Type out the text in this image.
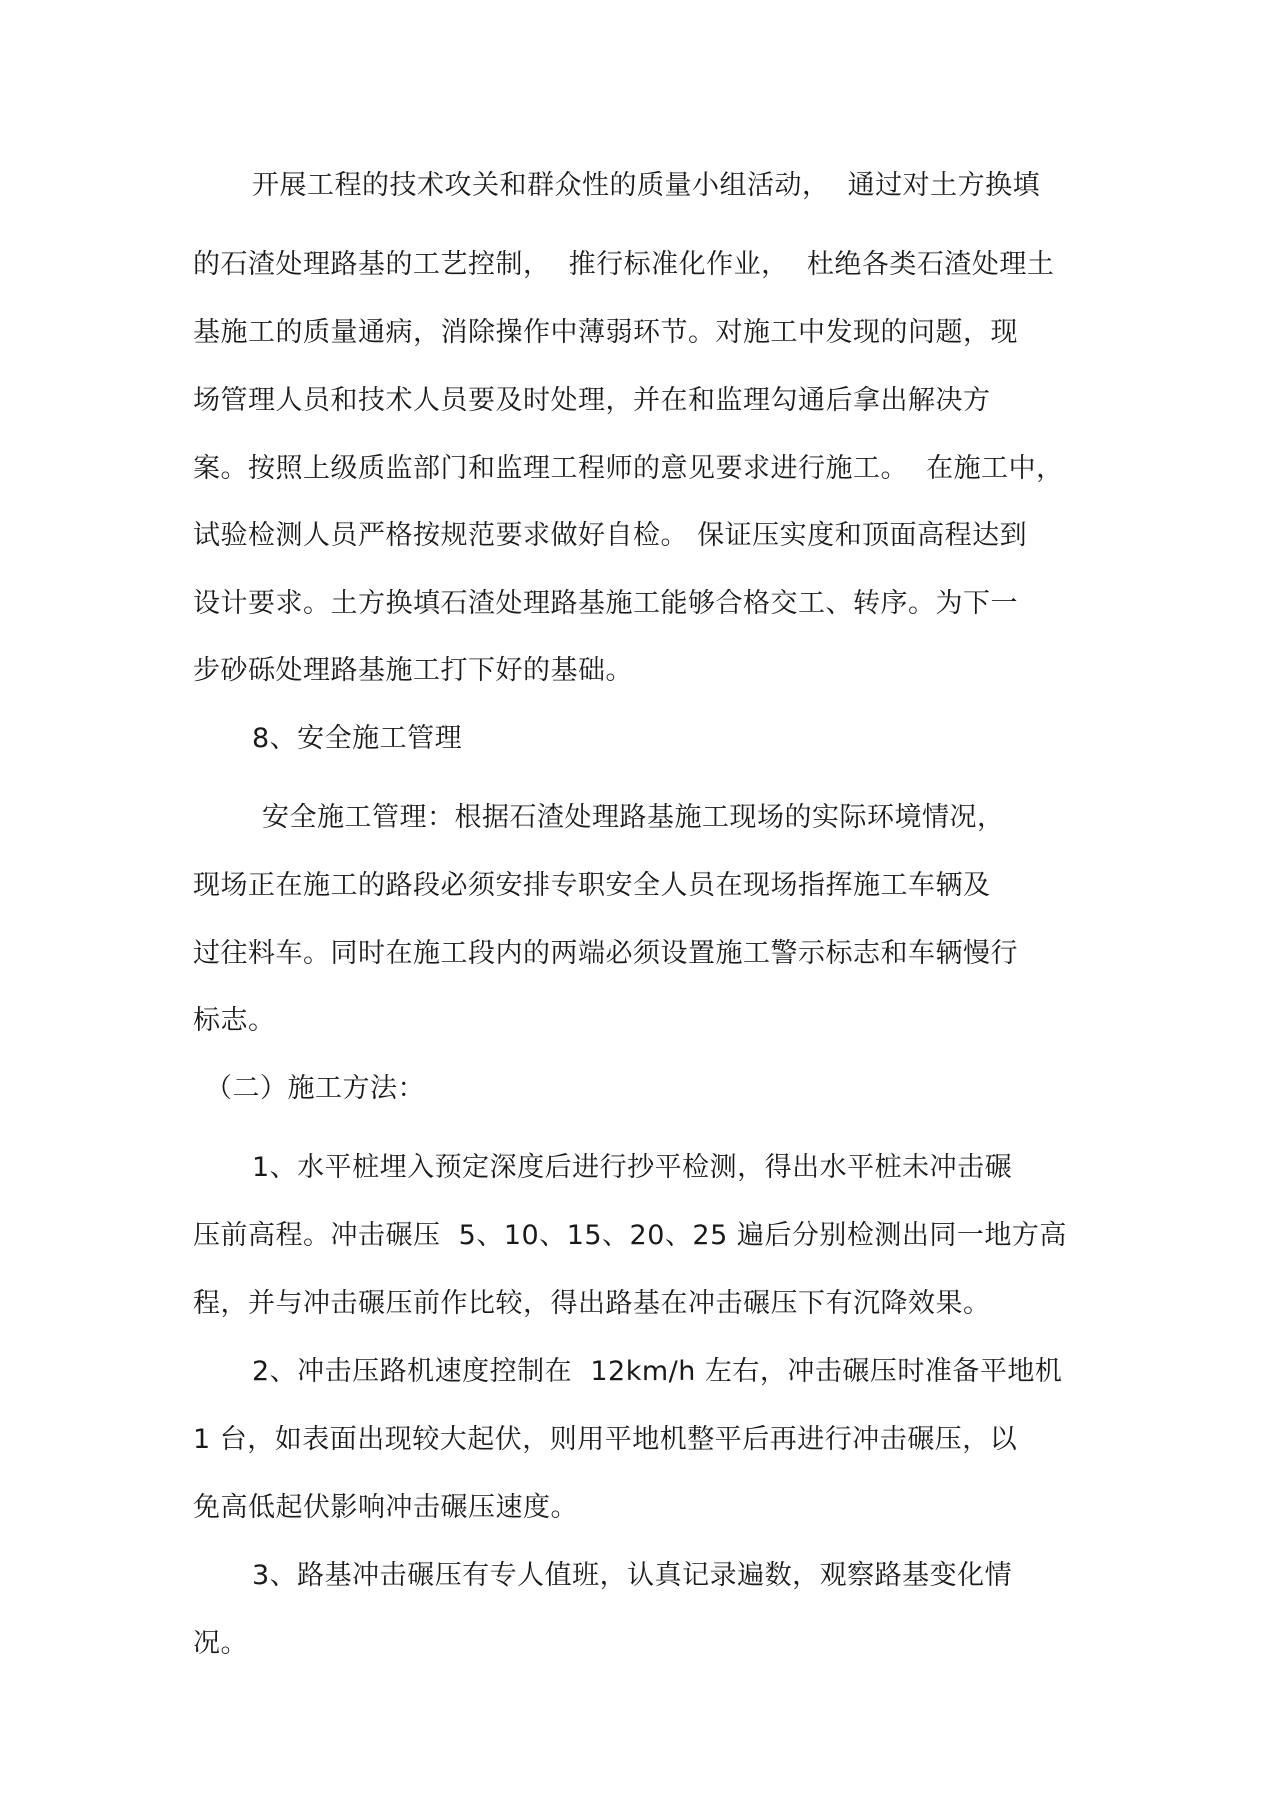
开展工程的技术攻关和群众性的质量小组活动，  通过对土方换填
的石渣处理路基的工艺控制，  推行标准化作业，  杜绝各类石渣处理土
基施工的质量通病，消除操作中薄弱环节。对施工中发现的问题，现
场管理人员和技术人员要及时处理，并在和监理勾通后拿出解决方
案。按照上级质监部门和监理工程师的意见要求进行施工。  在施工中，
试验检测人员严格按规范要求做好自检。 保证压实度和顶面高程达到
设计要求。土方换填石渣处理路基施工能够合格交工、转序。为下一
步砂砾处理路基施工打下好的基础。
8、安全施工管理
安全施工管理：根据石渣处理路基施工现场的实际环境情况，
现场正在施工的路段必须安排专职安全人员在现场指挥施工车辆及
过往料车。同时在施工段内的两端必须设置施工警示标志和车辆慢行
标志。
（二）施工方法：
1、水平桩埋入预定深度后进行抄平检测，得出水平桩未冲击碾
压前高程。冲击碾压  5、10、15、20、25 遍后分别检测出同一地方高
程，并与冲击碾压前作比较，得出路基在冲击碾压下有沉降效果。
2、冲击压路机速度控制在  12km/h 左右，冲击碾压时准备平地机
1 台，如表面出现较大起伏，则用平地机整平后再进行冲击碾压，以
免高低起伏影响冲击碾压速度。
3、路基冲击碾压有专人值班，认真记录遍数，观察路基变化情
况。
